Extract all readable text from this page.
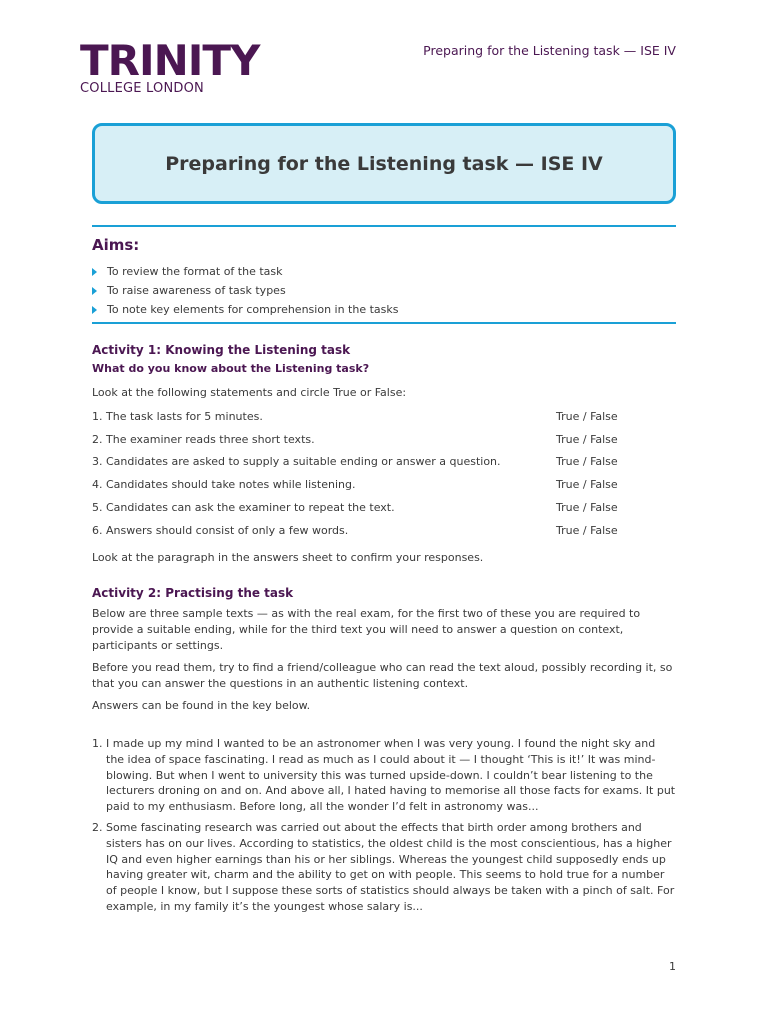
TRINITY
COLLEGE LONDON
Preparing for the Listening task — ISE IV
Preparing for the Listening task — ISE IV
Aims:
To review the format of the task
To raise awareness of task types
To note key elements for comprehension in the tasks
Activity 1: Knowing the Listening task

What do you know about the Listening task?

Look at the following statements and circle True or False:

1. The task lasts for 5 minutes.	True / False
2. The examiner reads three short texts.	True / False
3. Candidates are asked to supply a suitable ending or answer a question.	True / False
4. Candidates should take notes while listening.	True / False
5. Candidates can ask the examiner to repeat the text.	True / False
6. Answers should consist of only a few words.	True / False

Look at the paragraph in the answers sheet to confirm your responses.

Activity 2: Practising the task

Below are three sample texts — as with the real exam, for the first two of these you are required to provide a suitable ending, while for the third text you will need to answer a question on context, participants or settings.

Before you read them, try to find a friend/colleague who can read the text aloud, possibly recording it, so that you can answer the questions in an authentic listening context.

Answers can be found in the key below.

1. I made up my mind I wanted to be an astronomer when I was very young. I found the night sky and the idea of space fascinating. I read as much as I could about it — I thought ‘This is it!’ It was mind-blowing. But when I went to university this was turned upside-down. I couldn’t bear listening to the lecturers droning on and on. And above all, I hated having to memorise all those facts for exams. It put paid to my enthusiasm. Before long, all the wonder I’d felt in astronomy was...
2. Some fascinating research was carried out about the effects that birth order among brothers and sisters has on our lives. According to statistics, the oldest child is the most conscientious, has a higher IQ and even higher earnings than his or her siblings. Whereas the youngest child supposedly ends up having greater wit, charm and the ability to get on with people. This seems to hold true for a number of people I know, but I suppose these sorts of statistics should always be taken with a pinch of salt. For example, in my family it’s the youngest whose salary is...
1
